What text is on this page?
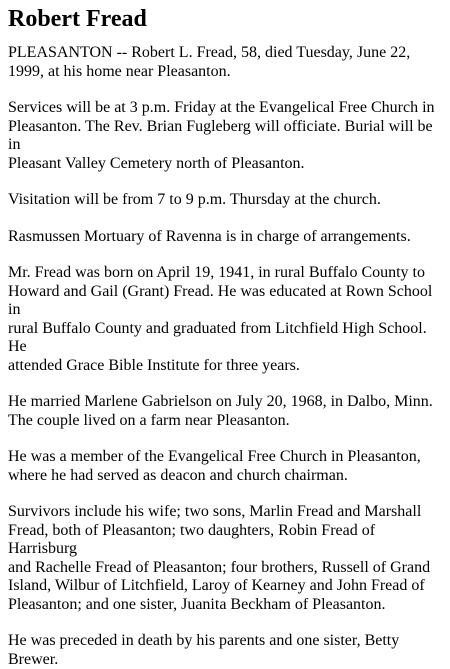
Robert Fread

PLEASANTON -- Robert L. Fread, 58, died Tuesday, June 22,
1999, at his home near Pleasanton.

Services will be at 3 p.m. Friday at the Evangelical Free Church in
Pleasanton. The Rev. Brian Fugleberg will officiate. Burial will be in
Pleasant Valley Cemetery north of Pleasanton.

Visitation will be from 7 to 9 p.m. Thursday at the church.

Rasmussen Mortuary of Ravenna is in charge of arrangements.

Mr. Fread was born on April 19, 1941, in rural Buffalo County to
Howard and Gail (Grant) Fread. He was educated at Rown School in
rural Buffalo County and graduated from Litchfield High School. He
attended Grace Bible Institute for three years.

He married Marlene Gabrielson on July 20, 1968, in Dalbo, Minn.
The couple lived on a farm near Pleasanton.

He was a member of the Evangelical Free Church in Pleasanton,
where he had served as deacon and church chairman.

Survivors include his wife; two sons, Marlin Fread and Marshall
Fread, both of Pleasanton; two daughters, Robin Fread of Harrisburg
and Rachelle Fread of Pleasanton; four brothers, Russell of Grand
Island, Wilbur of Litchfield, Laroy of Kearney and John Fread of
Pleasanton; and one sister, Juanita Beckham of Pleasanton.

He was preceded in death by his parents and one sister, Betty
Brewer.
